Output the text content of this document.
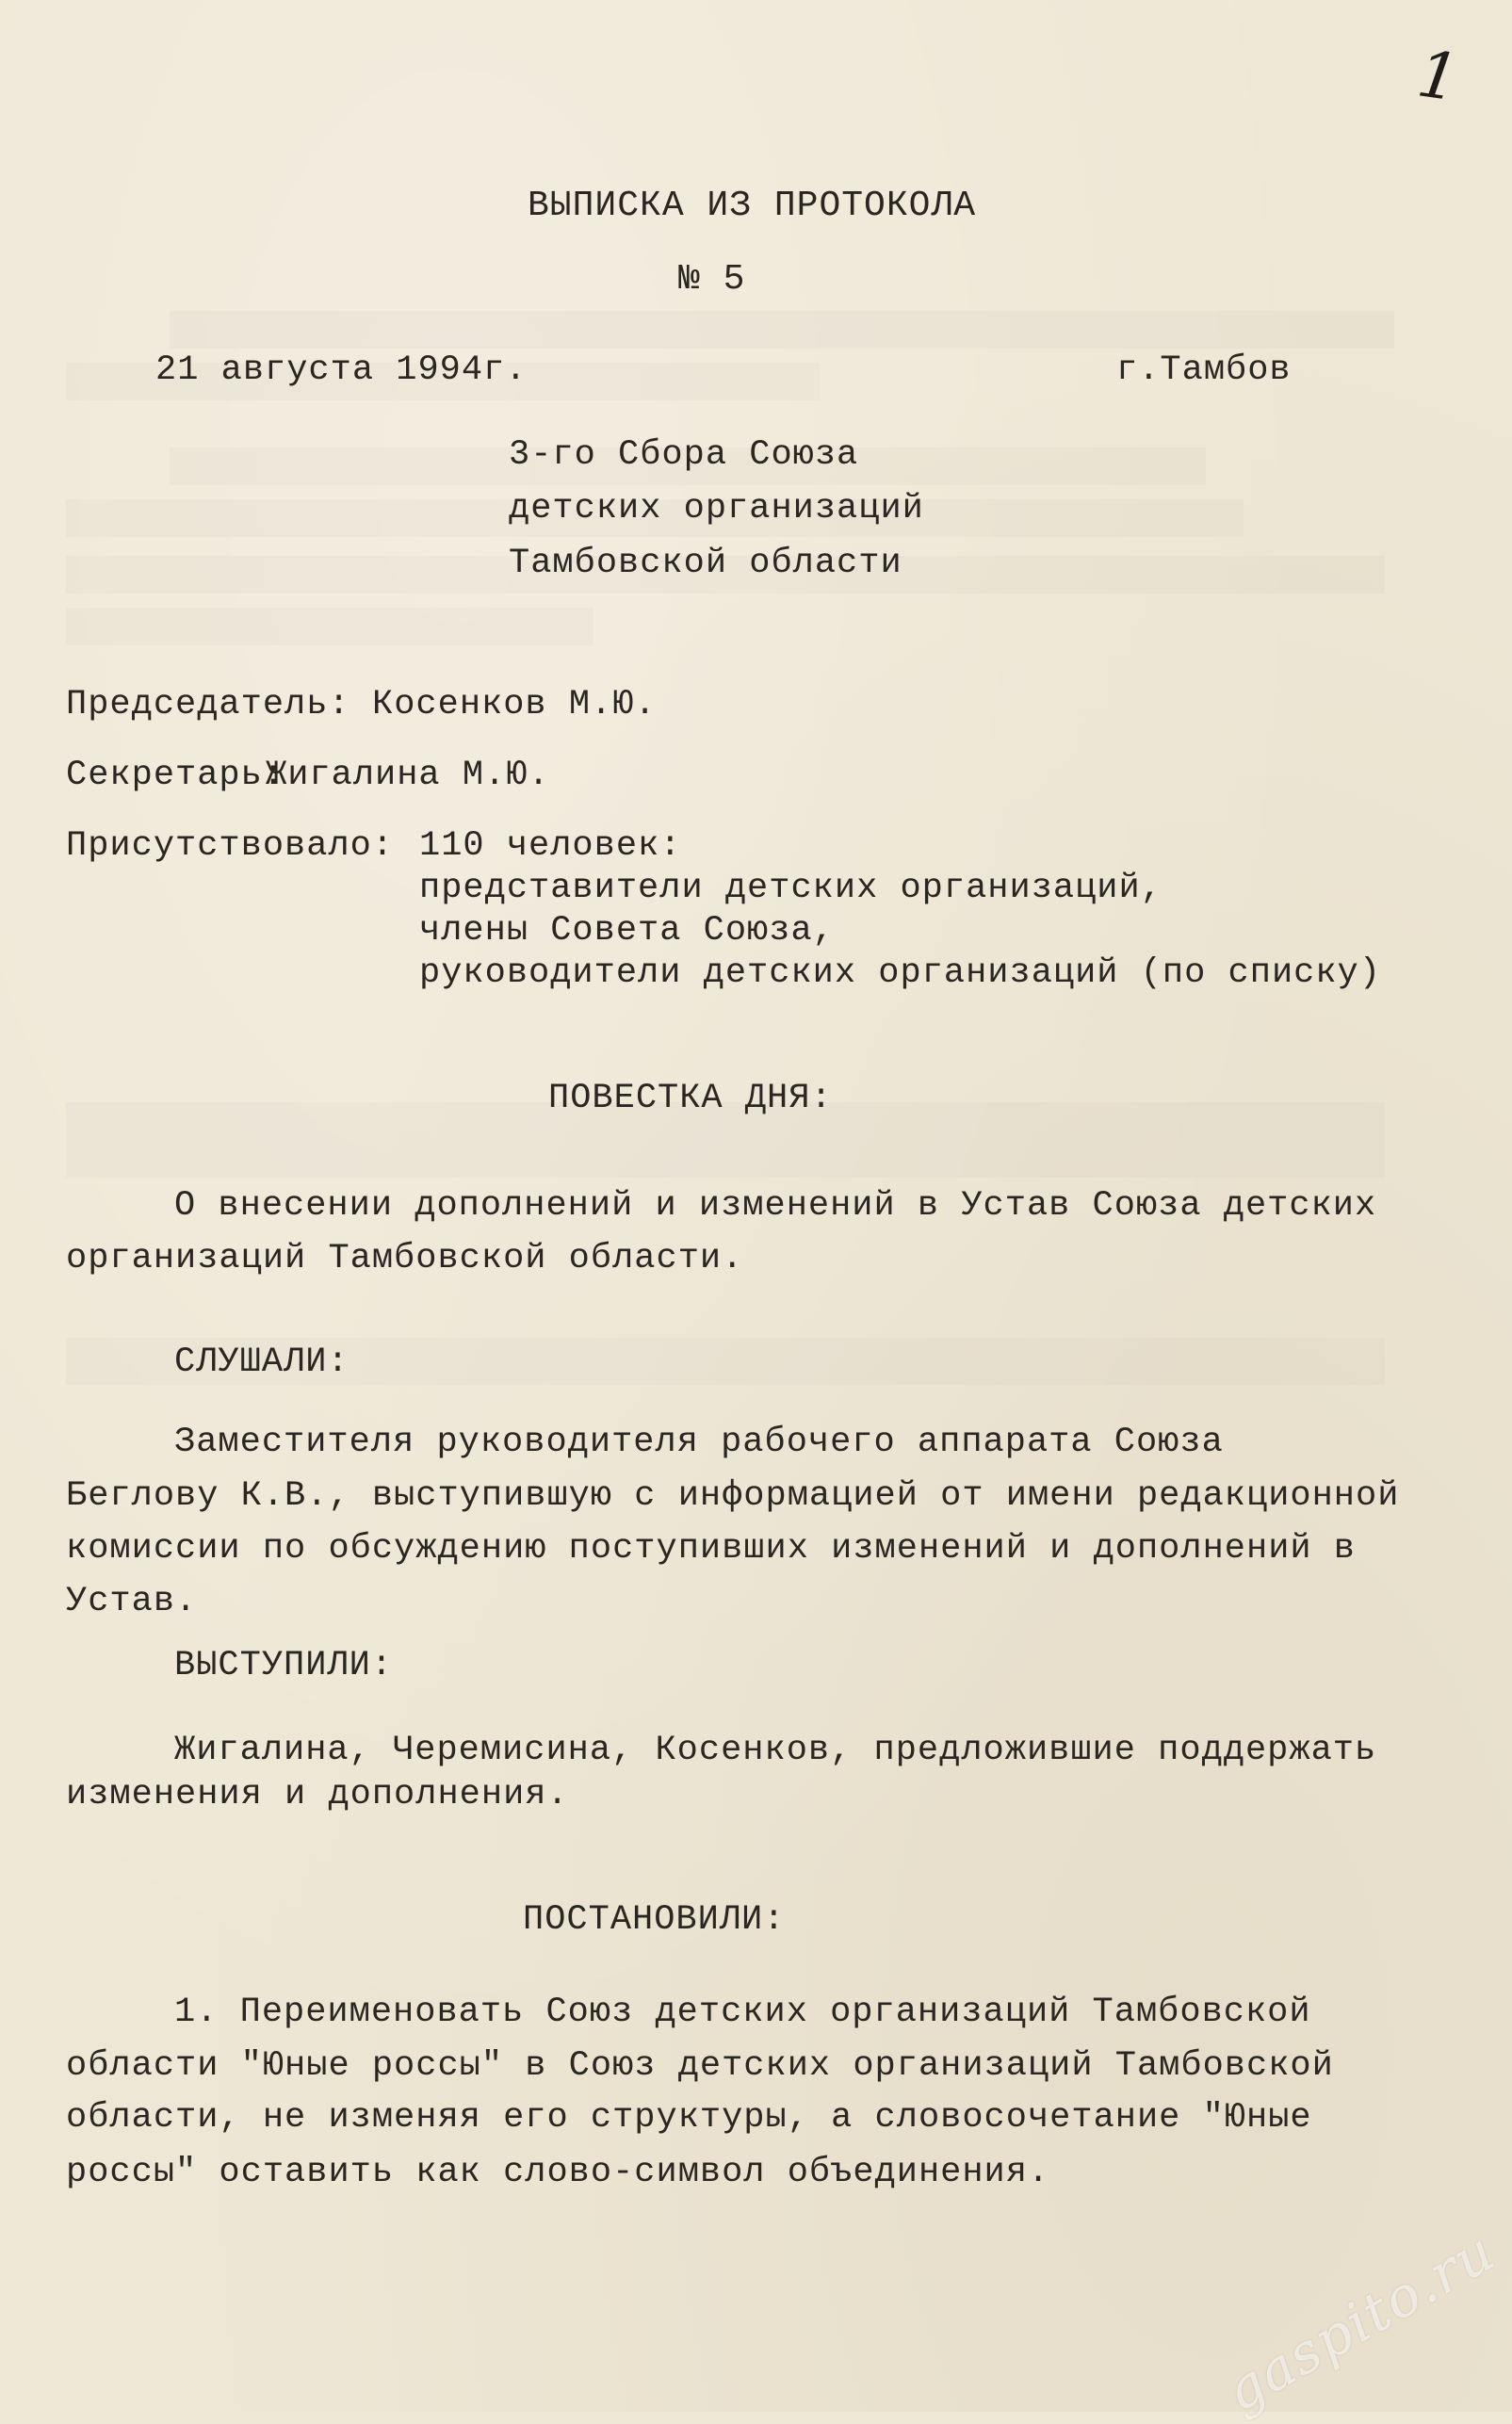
1
ВЫПИСКА ИЗ ПРОТОКОЛА
№ 5
21 августа 1994г.	г.Тамбов
3-го Сбора Союза
детских организаций
Тамбовской области
Председатель: Косенков М.Ю.
Секретарь:
Жигалина М.Ю.
Присутствовало: 110 человек:
представители детских организаций,
члены Совета Союза,
руководители детских организаций (по списку)
ПОВЕСТКА ДНЯ:
О внесении дополнений и изменений в Устав Союза детских
организаций Тамбовской области.
СЛУШАЛИ:
Заместителя руководителя рабочего аппарата Союза
Беглову К.В., выступившую с информацией от имени редакционной
комиссии по обсуждению поступивших изменений и дополнений в
Устав.
ВЫСТУПИЛИ:
Жигалина, Черемисина, Косенков, предложившие поддержать
изменения и дополнения.
ПОСТАНОВИЛИ:
1. Переименовать Союз детских организаций Тамбовской
области "Юные россы" в Союз детских организаций Тамбовской
области, не изменяя его структуры, а словосочетание "Юные
россы" оставить как слово-символ объединения.
gaspito.ru
